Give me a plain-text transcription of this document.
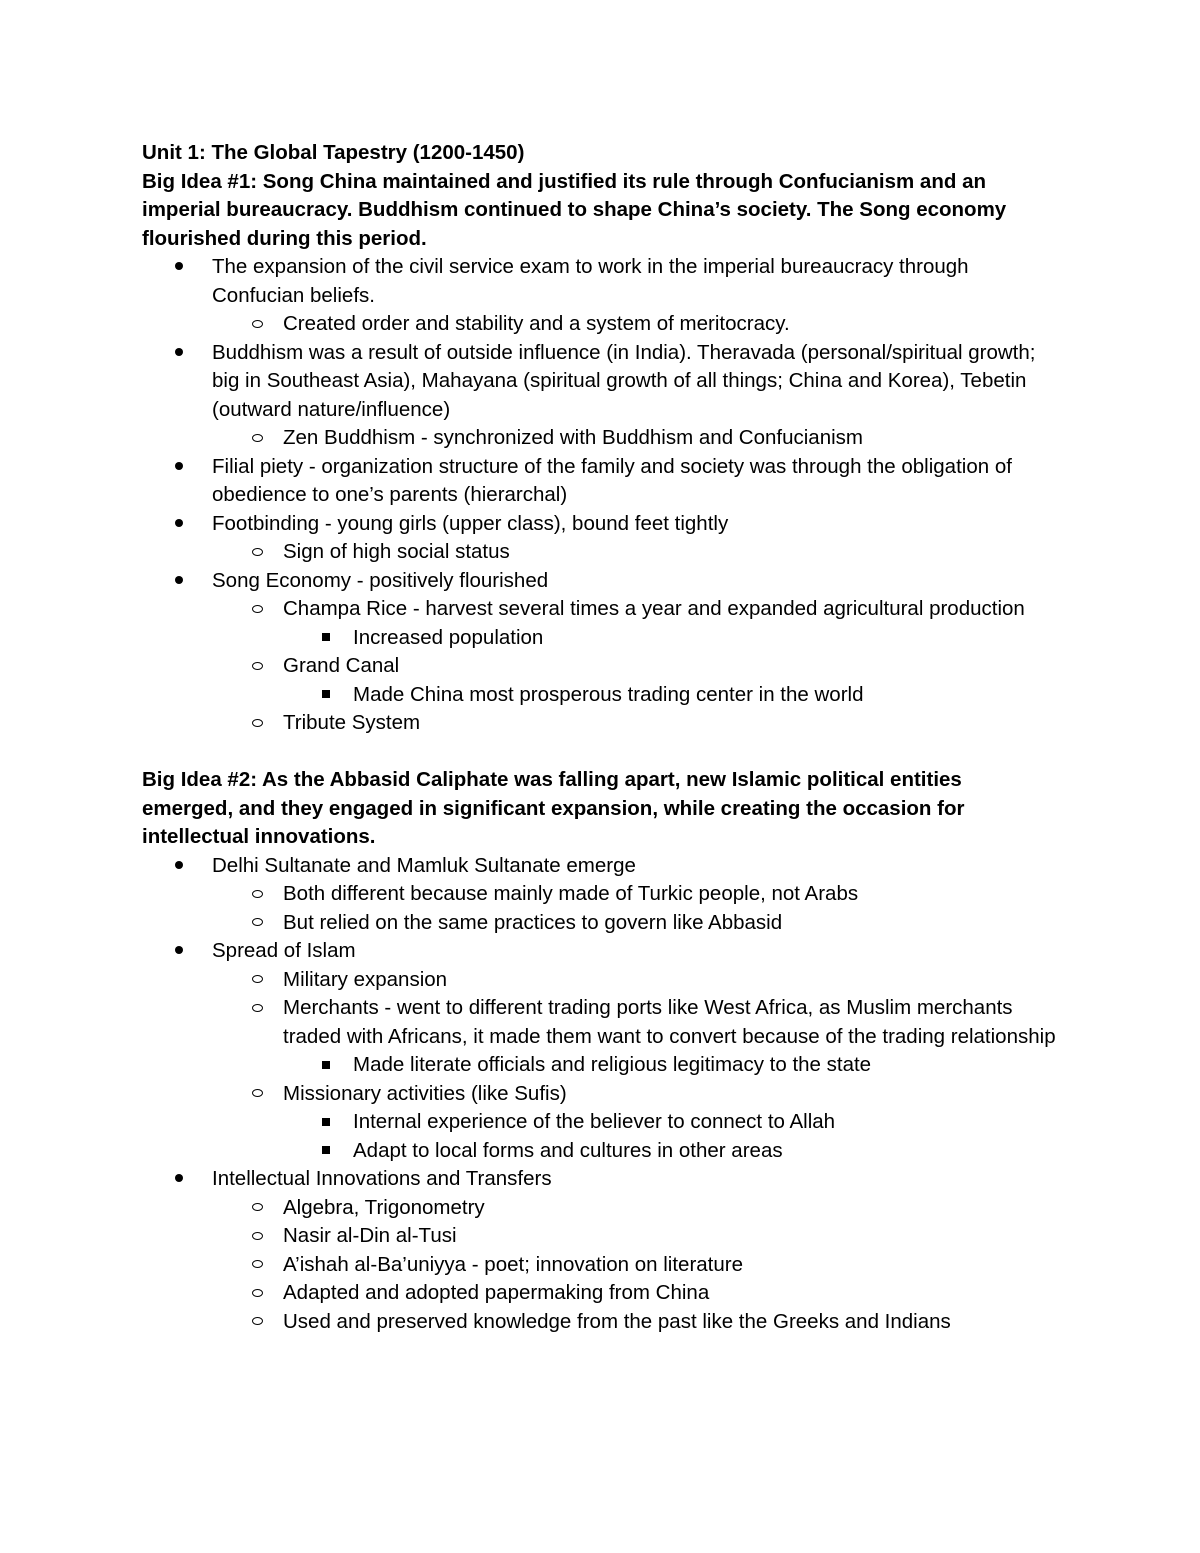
Unit 1: The Global Tapestry (1200-1450)
Big Idea #1: Song China maintained and justified its rule through Confucianism and an
imperial bureaucracy. Buddhism continued to shape China’s society. The Song economy
flourished during this period.
The expansion of the civil service exam to work in the imperial bureaucracy through Confucian beliefs.
Created order and stability and a system of meritocracy.
Buddhism was a result of outside influence (in India). Theravada (personal/spiritual growth; big in Southeast Asia), Mahayana (spiritual growth of all things; China and Korea), Tebetin (outward nature/influence)
Zen Buddhism - synchronized with Buddhism and Confucianism
Filial piety - organization structure of the family and society was through the obligation of obedience to one’s parents (hierarchal)
Footbinding - young girls (upper class), bound feet tightly
Sign of high social status
Song Economy - positively flourished
Champa Rice - harvest several times a year and expanded agricultural production
Increased population
Grand Canal
Made China most prosperous trading center in the world
Tribute System
Big Idea #2: As the Abbasid Caliphate was falling apart, new Islamic political entities
emerged, and they engaged in significant expansion, while creating the occasion for
intellectual innovations.
Delhi Sultanate and Mamluk Sultanate emerge
Both different because mainly made of Turkic people, not Arabs
But relied on the same practices to govern like Abbasid
Spread of Islam
Military expansion
Merchants - went to different trading ports like West Africa, as Muslim merchants traded with Africans, it made them want to convert because of the trading relationship
Made literate officials and religious legitimacy to the state
Missionary activities (like Sufis)
Internal experience of the believer to connect to Allah
Adapt to local forms and cultures in other areas
Intellectual Innovations and Transfers
Algebra, Trigonometry
Nasir al-Din al-Tusi
A’ishah al-Ba’uniyya - poet; innovation on literature
Adapted and adopted papermaking from China
Used and preserved knowledge from the past like the Greeks and Indians
